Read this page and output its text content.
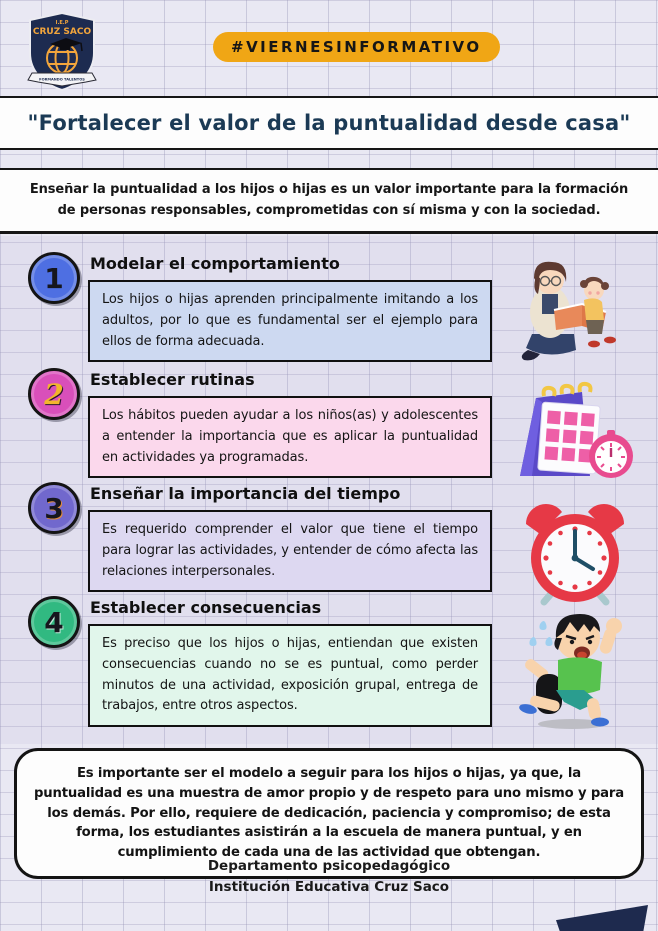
I.E.P
CRUZ SACO
FORMANDO TALENTOS
#VIERNESINFORMATIVO
"Fortalecer el valor de la puntualidad desde casa"
Enseñar la puntualidad a los hijos o hijas es un valor importante para la formación de personas responsables, comprometidas con sí misma y con la sociedad.
1	Modelar el comportamiento
Los hijos o hijas aprenden principalmente imitando a los adultos, por lo que es fundamental ser el ejemplo para ellos de forma adecuada.
2	Establecer rutinas
Los hábitos pueden ayudar a los niños(as) y adolescentes a entender la importancia que es aplicar la puntualidad en actividades ya programadas.
3	Enseñar la importancia del tiempo
Es requerido comprender el valor que tiene el tiempo para lograr las actividades, y entender de cómo afecta las relaciones interpersonales.
4	Establecer consecuencias
Es preciso que los hijos o hijas, entiendan que existen consecuencias cuando no se es puntual, como perder minutos de una actividad, exposición grupal, entrega de trabajos, entre otros aspectos.
Es importante ser el modelo a seguir para los hijos o hijas, ya que, la puntualidad es una muestra de amor propio y de respeto para uno mismo y para los demás. Por ello, requiere de dedicación, paciencia y compromiso; de esta forma, los estudiantes asistirán a la escuela de manera puntual, y en cumplimiento de cada una de las actividad que obtengan.
Departamento psicopedagógico
Institución Educativa Cruz Saco
